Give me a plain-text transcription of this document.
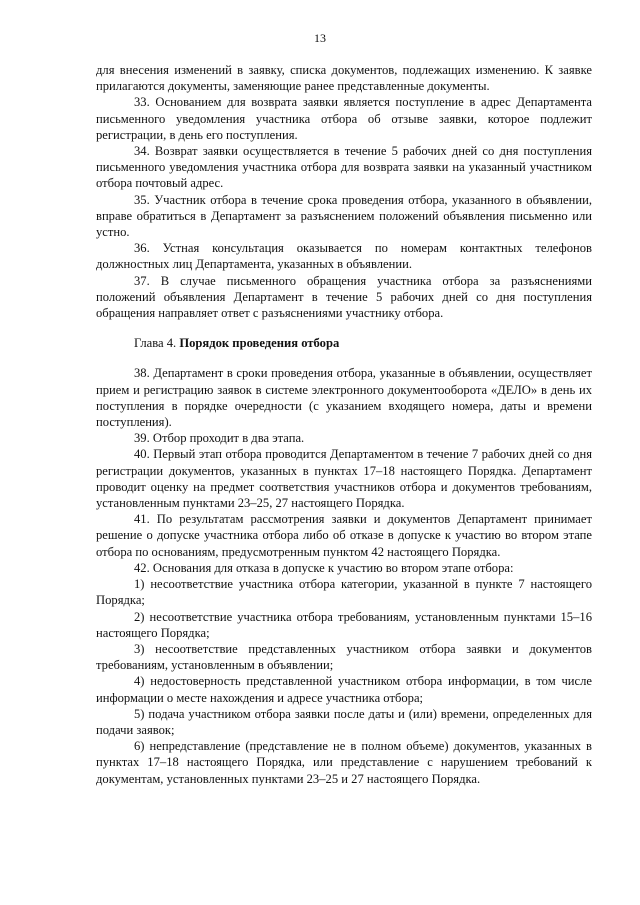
13

для внесения изменений в заявку, списка документов, подлежащих изменению. К заявке прилагаются документы, заменяющие ранее представленные документы.

33. Основанием для возврата заявки является поступление в адрес Департамента письменного уведомления участника отбора об отзыве заявки, которое подлежит регистрации, в день его поступления.

34. Возврат заявки осуществляется в течение 5 рабочих дней со дня поступления письменного уведомления участника отбора для возврата заявки на указанный участником отбора почтовый адрес.

35. Участник отбора в течение срока проведения отбора, указанного в объявлении, вправе обратиться в Департамент за разъяснением положений объявления письменно или устно.

36. Устная консультация оказывается по номерам контактных телефонов должностных лиц Департамента, указанных в объявлении.

37. В случае письменного обращения участника отбора за разъяснениями положений объявления Департамент в течение 5 рабочих дней со дня поступления обращения направляет ответ с разъяснениями участнику отбора.

Глава 4. Порядок проведения отбора

38. Департамент в сроки проведения отбора, указанные в объявлении, осуществляет прием и регистрацию заявок в системе электронного документооборота «ДЕЛО» в день их поступления в порядке очередности (с указанием входящего номера, даты и времени поступления).

39. Отбор проходит в два этапа.

40. Первый этап отбора проводится Департаментом в течение 7 рабочих дней со дня регистрации документов, указанных в пунктах 17–18 настоящего Порядка. Департамент проводит оценку на предмет соответствия участников отбора и документов требованиям, установленным пунктами 23–25, 27 настоящего Порядка.

41. По результатам рассмотрения заявки и документов Департамент принимает решение о допуске участника отбора либо об отказе в допуске к участию во втором этапе отбора по основаниям, предусмотренным пунктом 42 настоящего Порядка.

42. Основания для отказа в допуске к участию во втором этапе отбора:

1) несоответствие участника отбора категории, указанной в пункте 7 настоящего Порядка;

2) несоответствие участника отбора требованиям, установленным пунктами 15–16 настоящего Порядка;

3) несоответствие представленных участником отбора заявки и документов требованиям, установленным в объявлении;

4) недостоверность представленной участником отбора информации, в том числе информации о месте нахождения и адресе участника отбора;

5) подача участником отбора заявки после даты и (или) времени, определенных для подачи заявок;

6) непредставление (представление не в полном объеме) документов, указанных в пунктах 17–18 настоящего Порядка, или представление с нарушением требований к документам, установленных пунктами 23–25 и 27 настоящего Порядка.
